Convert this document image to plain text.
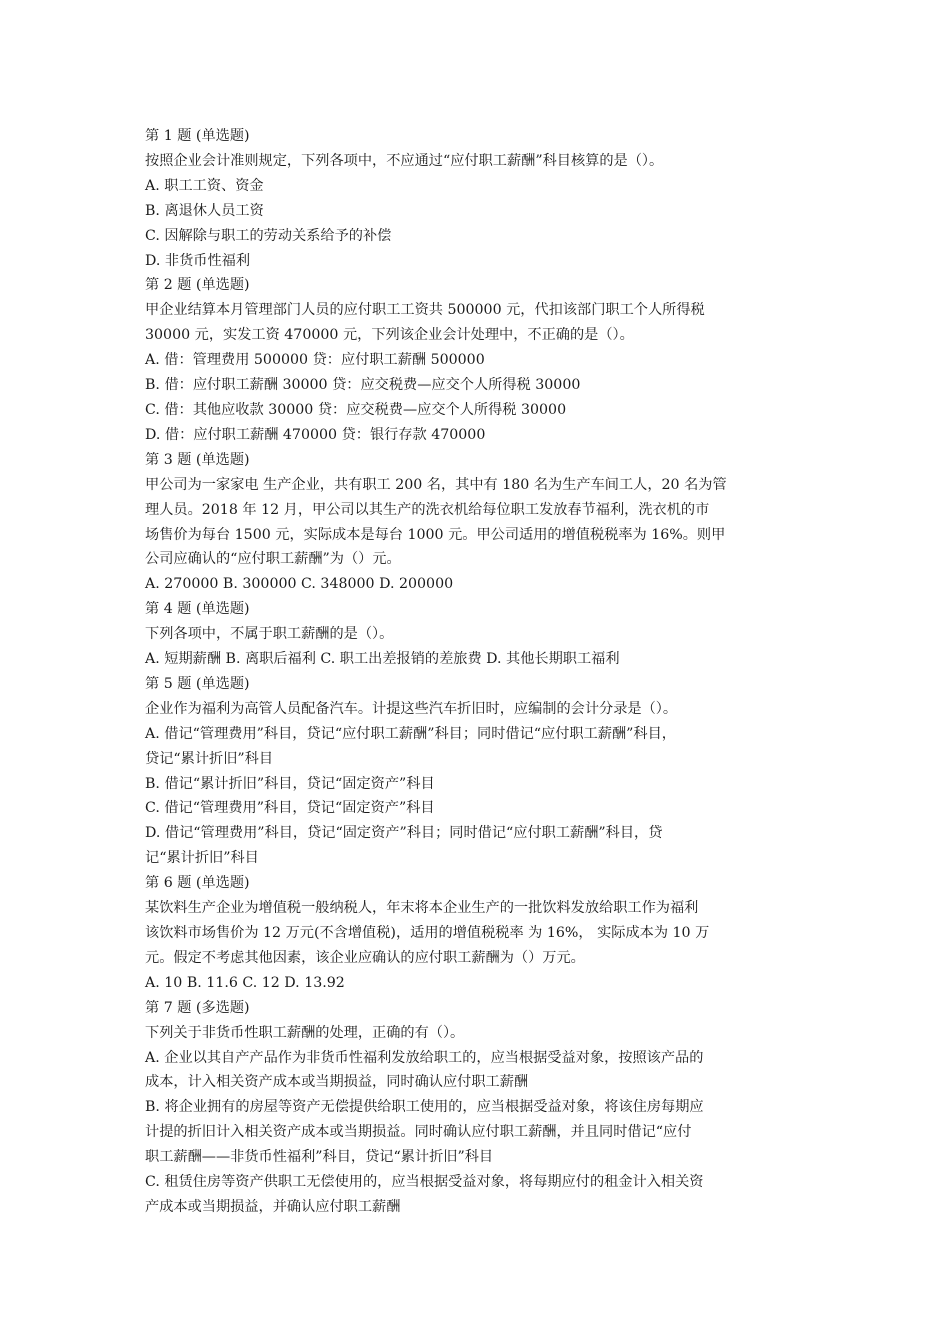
第 1 题 (单选题)
按照企业会计准则规定，下列各项中，不应通过“应付职工薪酬”科目核算的是（）。
A. 职工工资、资金
B. 离退休人员工资
C. 因解除与职工的劳动关系给予的补偿
D. 非货币性福利
第 2 题 (单选题)
甲企业结算本月管理部门人员的应付职工工资共 500000 元，代扣该部门职工个人所得税
30000 元，实发工资 470000 元，下列该企业会计处理中，不正确的是（）。
A. 借：管理费用 500000 贷：应付职工薪酬 500000
B. 借：应付职工薪酬 30000 贷：应交税费—应交个人所得税 30000
C. 借：其他应收款 30000 贷：应交税费—应交个人所得税 30000
D. 借：应付职工薪酬 470000 贷：银行存款 470000
第 3 题 (单选题)
甲公司为一家家电 生产企业，共有职工 200 名，其中有 180 名为生产车间工人，20 名为管
理人员。2018 年 12 月，甲公司以其生产的洗衣机给每位职工发放春节福利，洗衣机的市
场售价为每台 1500 元，实际成本是每台 1000 元。甲公司适用的增值税税率为 16%。则甲
公司应确认的“应付职工薪酬”为（）元。
A. 270000 B. 300000 C. 348000 D. 200000
第 4 题 (单选题)
下列各项中，不属于职工薪酬的是（）。
A. 短期薪酬 B. 离职后福利 C. 职工出差报销的差旅费 D. 其他长期职工福利
第 5 题 (单选题)
企业作为福利为高管人员配备汽车。计提这些汽车折旧时，应编制的会计分录是（）。
A. 借记“管理费用”科目，贷记“应付职工薪酬”科目；同时借记“应付职工薪酬”科目，
贷记“累计折旧”科目
B. 借记“累计折旧”科目，贷记“固定资产”科目
C. 借记“管理费用”科目，贷记“固定资产”科目
D. 借记“管理费用”科目，贷记“固定资产”科目；同时借记“应付职工薪酬”科目，贷
记“累计折旧”科目
第 6 题 (单选题)
某饮料生产企业为增值税一般纳税人，年末将本企业生产的一批饮料发放给职工作为福利
该饮料市场售价为 12 万元(不含增值税)，适用的增值税税率 为 16%， 实际成本为 10 万
元。假定不考虑其他因素，该企业应确认的应付职工薪酬为（）万元。
A. 10 B. 11.6 C. 12 D. 13.92
第 7 题 (多选题)
下列关于非货币性职工薪酬的处理，正确的有（）。
A. 企业以其自产产品作为非货币性福利发放给职工的，应当根据受益对象，按照该产品的
成本，计入相关资产成本或当期损益，同时确认应付职工薪酬
B. 将企业拥有的房屋等资产无偿提供给职工使用的，应当根据受益对象，将该住房每期应
计提的折旧计入相关资产成本或当期损益。同时确认应付职工薪酬，并且同时借记“应付
职工薪酬——非货币性福利”科目，贷记“累计折旧”科目
C. 租赁住房等资产供职工无偿使用的，应当根据受益对象，将每期应付的租金计入相关资
产成本或当期损益，并确认应付职工薪酬
